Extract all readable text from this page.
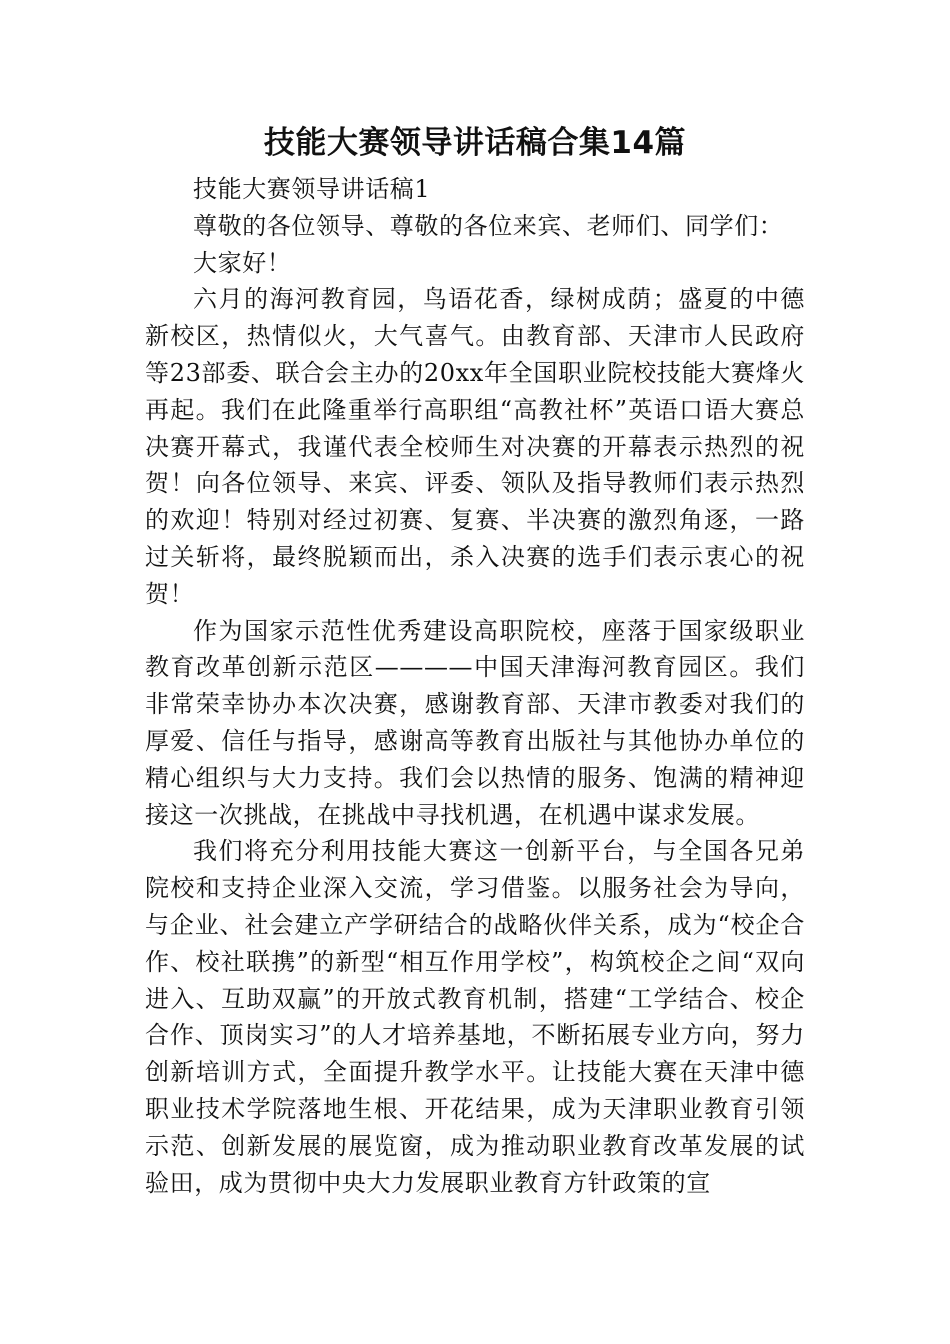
技能大赛领导讲话稿合集14篇

技能大赛领导讲话稿1

尊敬的各位领导、尊敬的各位来宾、老师们、同学们：

大家好！

六月的海河教育园，鸟语花香，绿树成荫；盛夏的中德新校区，热情似火，大气喜气。由教育部、天津市人民政府等23部委、联合会主办的20xx年全国职业院校技能大赛烽火再起。我们在此隆重举行高职组“高教社杯”英语口语大赛总决赛开幕式，我谨代表全校师生对决赛的开幕表示热烈的祝贺！向各位领导、来宾、评委、领队及指导教师们表示热烈的欢迎！特别对经过初赛、复赛、半决赛的激烈角逐，一路过关斩将，最终脱颖而出，杀入决赛的选手们表示衷心的祝贺！

作为国家示范性优秀建设高职院校，座落于国家级职业教育改革创新示范区————中国天津海河教育园区。我们非常荣幸协办本次决赛，感谢教育部、天津市教委对我们的厚爱、信任与指导，感谢高等教育出版社与其他协办单位的精心组织与大力支持。我们会以热情的服务、饱满的精神迎接这一次挑战，在挑战中寻找机遇，在机遇中谋求发展。

我们将充分利用技能大赛这一创新平台，与全国各兄弟院校和支持企业深入交流，学习借鉴。以服务社会为导向，与企业、社会建立产学研结合的战略伙伴关系，成为“校企合作、校社联携”的新型“相互作用学校”，构筑校企之间“双向进入、互助双赢”的开放式教育机制，搭建“工学结合、校企合作、顶岗实习”的人才培养基地，不断拓展专业方向，努力创新培训方式，全面提升教学水平。让技能大赛在天津中德职业技术学院落地生根、开花结果，成为天津职业教育引领示范、创新发展的展览窗，成为推动职业教育改革发展的试验田，成为贯彻中央大力发展职业教育方针政策的宣
